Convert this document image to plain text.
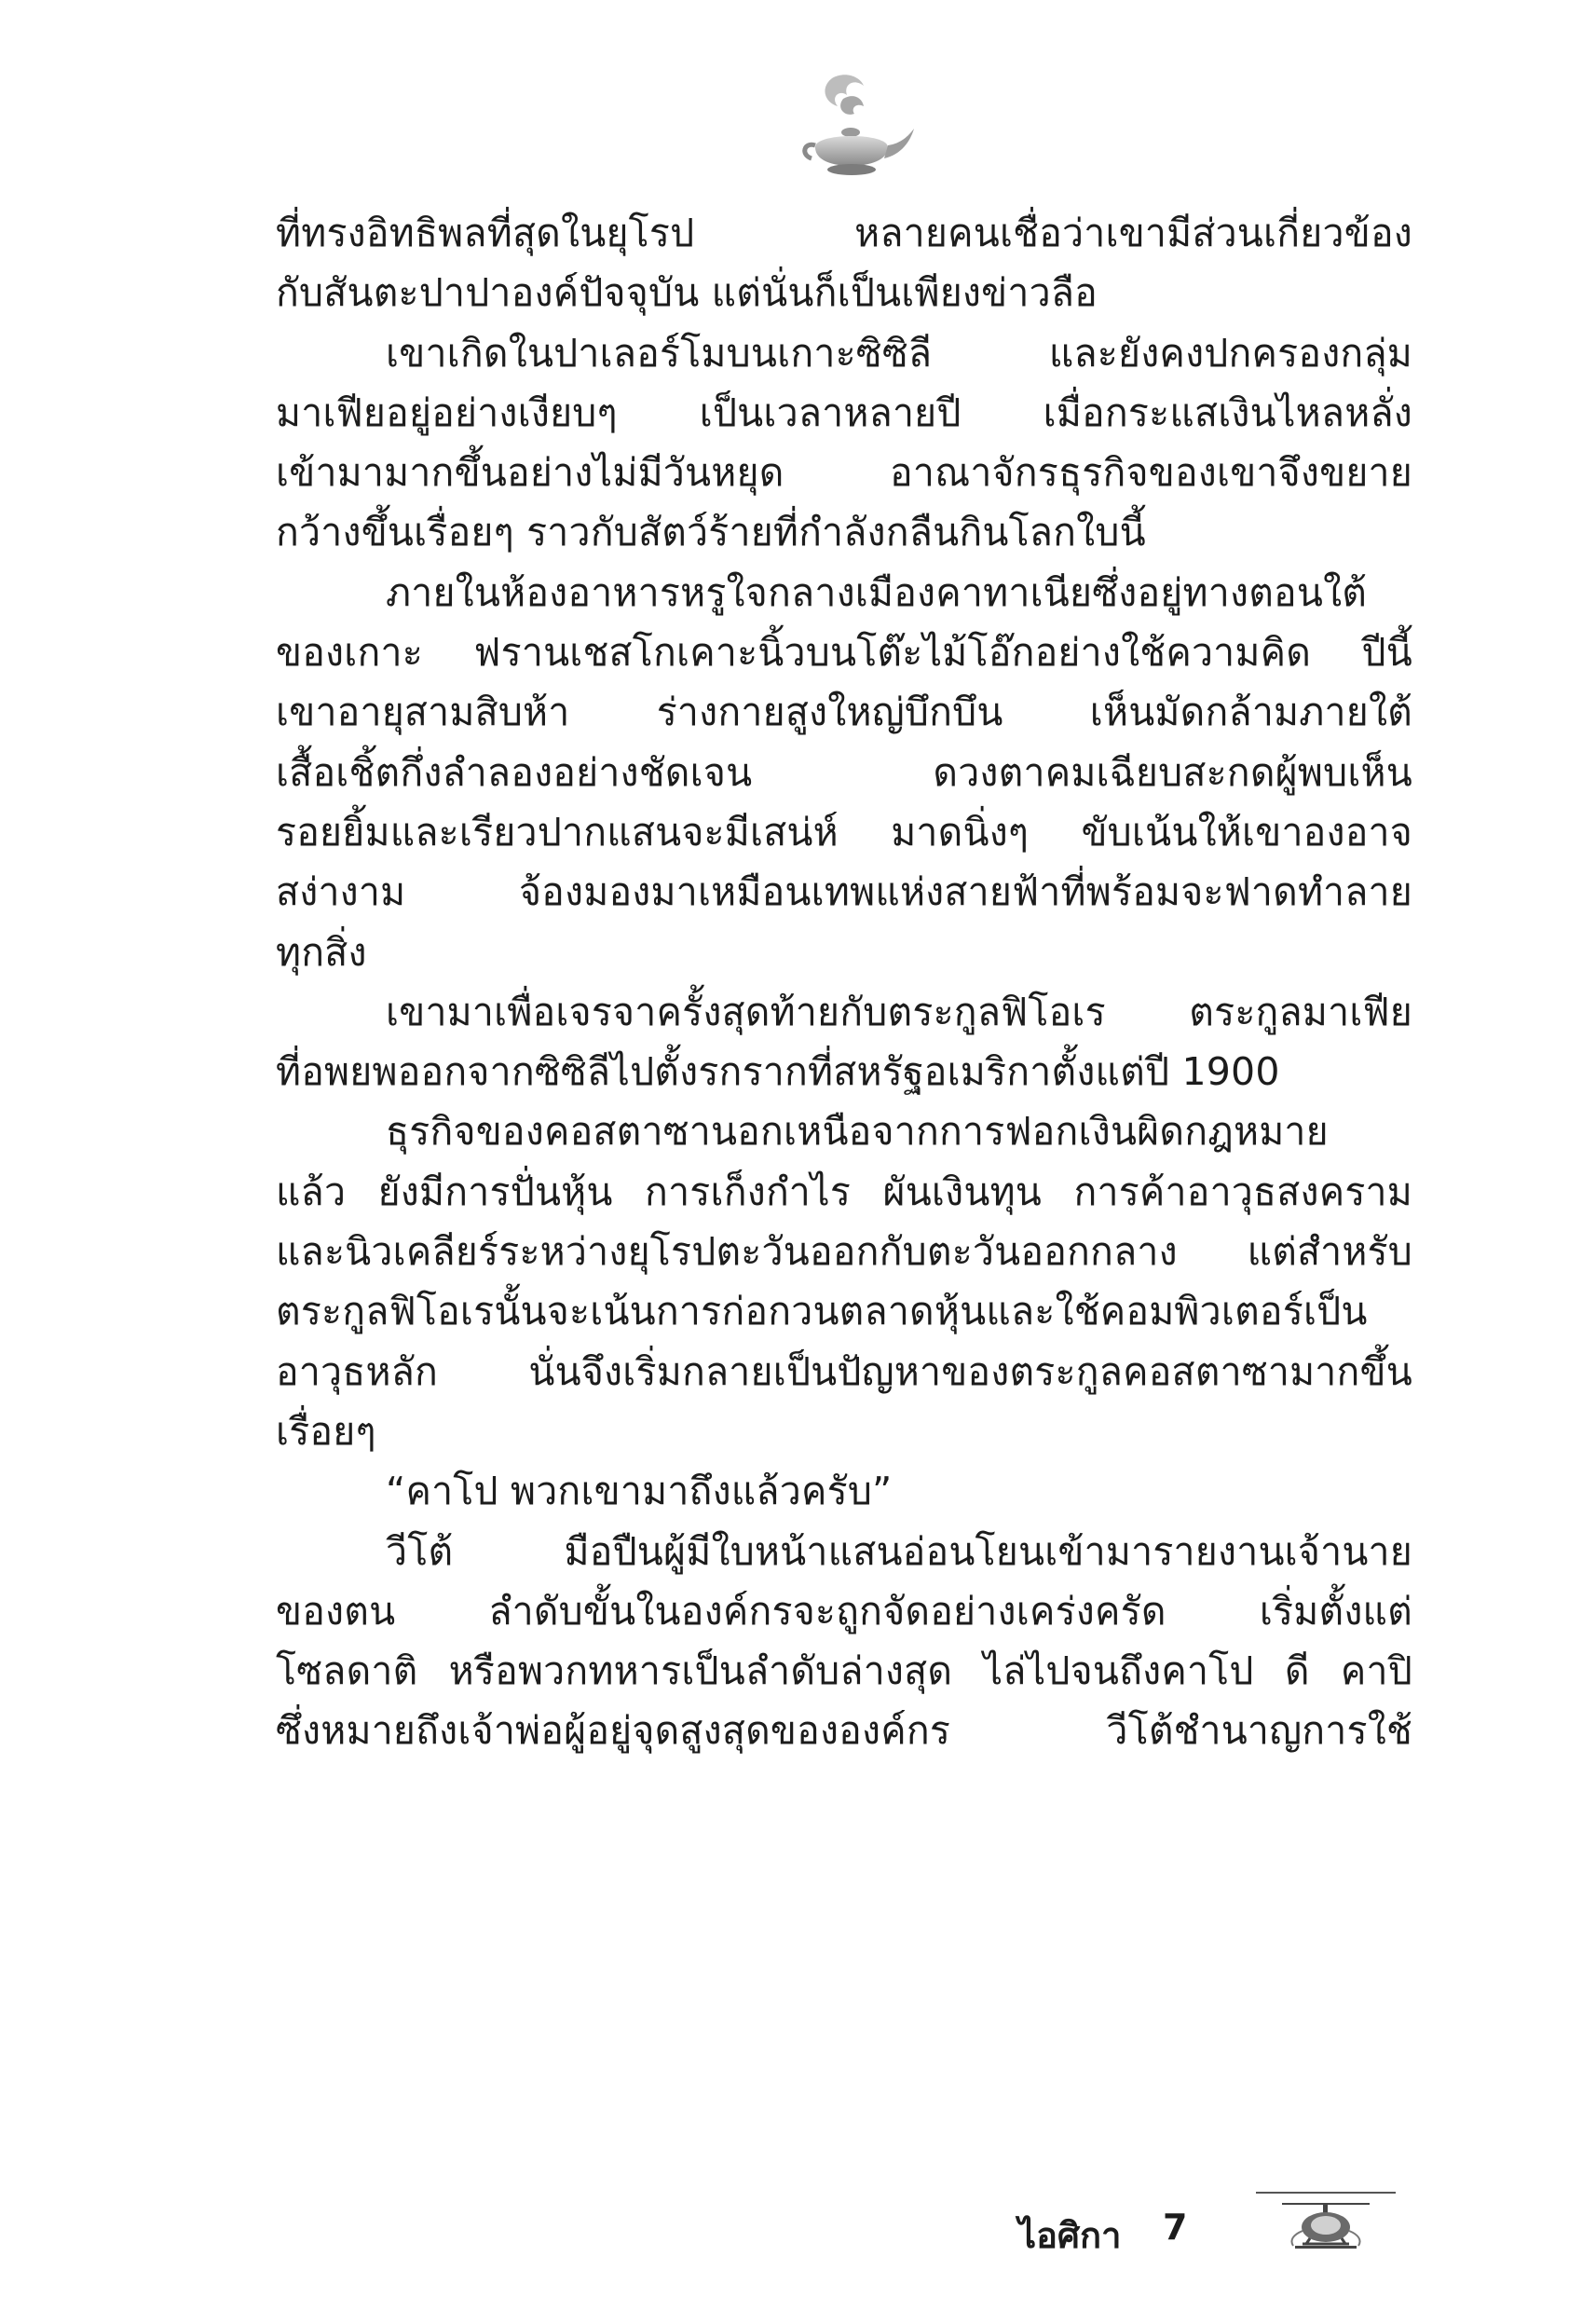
ที่ทรงอิทธิพลที่สุดในยุโรป หลายคนเชื่อว่าเขามีส่วนเกี่ยวข้อง
กับสันตะปาปาองค์ปัจจุบัน แต่นั่นก็เป็นเพียงข่าวลือ
เขาเกิดในปาเลอร์โมบนเกาะซิซิลี และยังคงปกครองกลุ่ม
มาเฟียอยู่อย่างเงียบๆ เป็นเวลาหลายปี เมื่อกระแสเงินไหลหลั่ง
เข้ามามากขึ้นอย่างไม่มีวันหยุด อาณาจักรธุรกิจของเขาจึงขยาย
กว้างขึ้นเรื่อยๆ ราวกับสัตว์ร้ายที่กำลังกลืนกินโลกใบนี้
ภายในห้องอาหารหรูใจกลางเมืองคาทาเนียซึ่งอยู่ทางตอนใต้
ของเกาะ ฟรานเชสโกเคาะนิ้วบนโต๊ะไม้โอ๊กอย่างใช้ความคิด ปีนี้
เขาอายุสามสิบห้า ร่างกายสูงใหญ่บึกบึน เห็นมัดกล้ามภายใต้
เสื้อเชิ้ตกึ่งลำลองอย่างชัดเจน ดวงตาคมเฉียบสะกดผู้พบเห็น
รอยยิ้มและเรียวปากแสนจะมีเสน่ห์ มาดนิ่งๆ ขับเน้นให้เขาองอาจ
สง่างาม จ้องมองมาเหมือนเทพแห่งสายฟ้าที่พร้อมจะฟาดทำลาย
ทุกสิ่ง
เขามาเพื่อเจรจาครั้งสุดท้ายกับตระกูลฟิโอเร ตระกูลมาเฟีย
ที่อพยพออกจากซิซิลีไปตั้งรกรากที่สหรัฐอเมริกาตั้งแต่ปี 1900
ธุรกิจของคอสตาซานอกเหนือจากการฟอกเงินผิดกฎหมาย
แล้ว ยังมีการปั่นหุ้น การเก็งกำไร ผันเงินทุน การค้าอาวุธสงคราม
และนิวเคลียร์ระหว่างยุโรปตะวันออกกับตะวันออกกลาง แต่สำหรับ
ตระกูลฟิโอเรนั้นจะเน้นการก่อกวนตลาดหุ้นและใช้คอมพิวเตอร์เป็น
อาวุธหลัก นั่นจึงเริ่มกลายเป็นปัญหาของตระกูลคอสตาซามากขึ้น
เรื่อยๆ
“คาโป พวกเขามาถึงแล้วครับ”
วีโต้ มือปืนผู้มีใบหน้าแสนอ่อนโยนเข้ามารายงานเจ้านาย
ของตน ลำดับขั้นในองค์กรจะถูกจัดอย่างเคร่งครัด เริ่มตั้งแต่
โซลดาติ หรือพวกทหารเป็นลำดับล่างสุด ไล่ไปจนถึงคาโป ดี คาปิ
ซึ่งหมายถึงเจ้าพ่อผู้อยู่จุดสูงสุดขององค์กร วีโต้ชำนาญการใช้
ไอศิกา 7
